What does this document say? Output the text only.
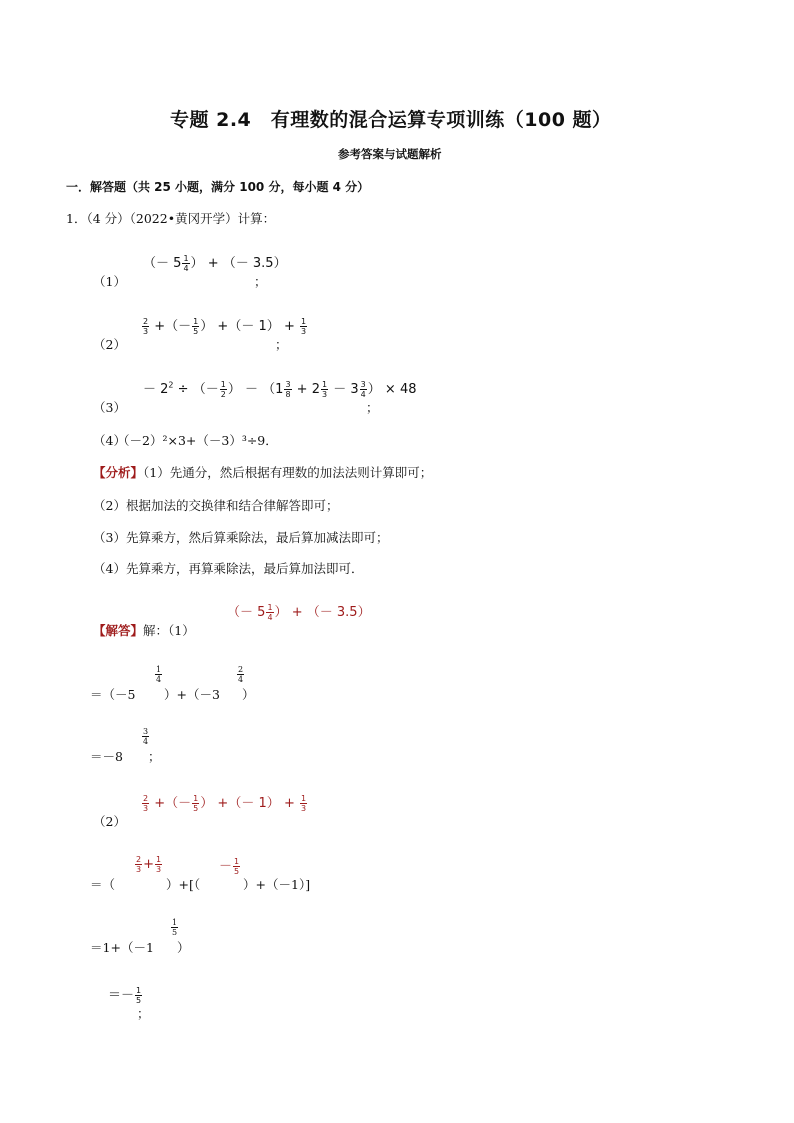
专题 2.4　有理数的混合运算专项训练（100 题）
参考答案与试题解析
一．解答题（共 25 小题，满分 100 分，每小题 4 分）
1．（4 分）（2022•黄冈开学）计算：
（1）
（－ $5 \frac{1}{4}$ ） + （－ 3.5）
；
（2）
$\frac{2}{3}$ +（－ $\frac{1}{5}$ ） +（－ $1) + \frac{1}{3}$
；
（3）
－ $2^2$ ÷ （－ $\frac{1}{2}$ ） － （$1 \frac{3}{8} + 2 \frac{1}{3} - 3 \frac{3}{4}$ ） × 48
；
（4）
（－2）²×3+（－3）³÷9．
【分析】（1）先通分，然后根据有理数的加法法则计算即可；
（2）根据加法的交换律和结合律解答即可；
（3）先算乘方，然后算乘除法，最后算加减法即可；
（4）先算乘方，再算乘除法，最后算加法即可．
【解答】解：（1）
（－ $5 \frac{1}{4}$ ） + （－ 3.5）
＝（－5
$\frac{1}{4}$
）+（－3
$\frac{2}{4}$
）
＝－8
$\frac{3}{4}$
；
（2）
$\frac{2}{3}$ +（－ $\frac{1}{5}$ ） +（－ $1) + \frac{1}{3}$
＝（
$\frac{2}{3} + \frac{1}{3}$
）+[（
－ $\frac{1}{5}$
）+（－1）]
＝1+（－1
$\frac{1}{5}$
）
＝－ $\frac{1}{5}$
；
